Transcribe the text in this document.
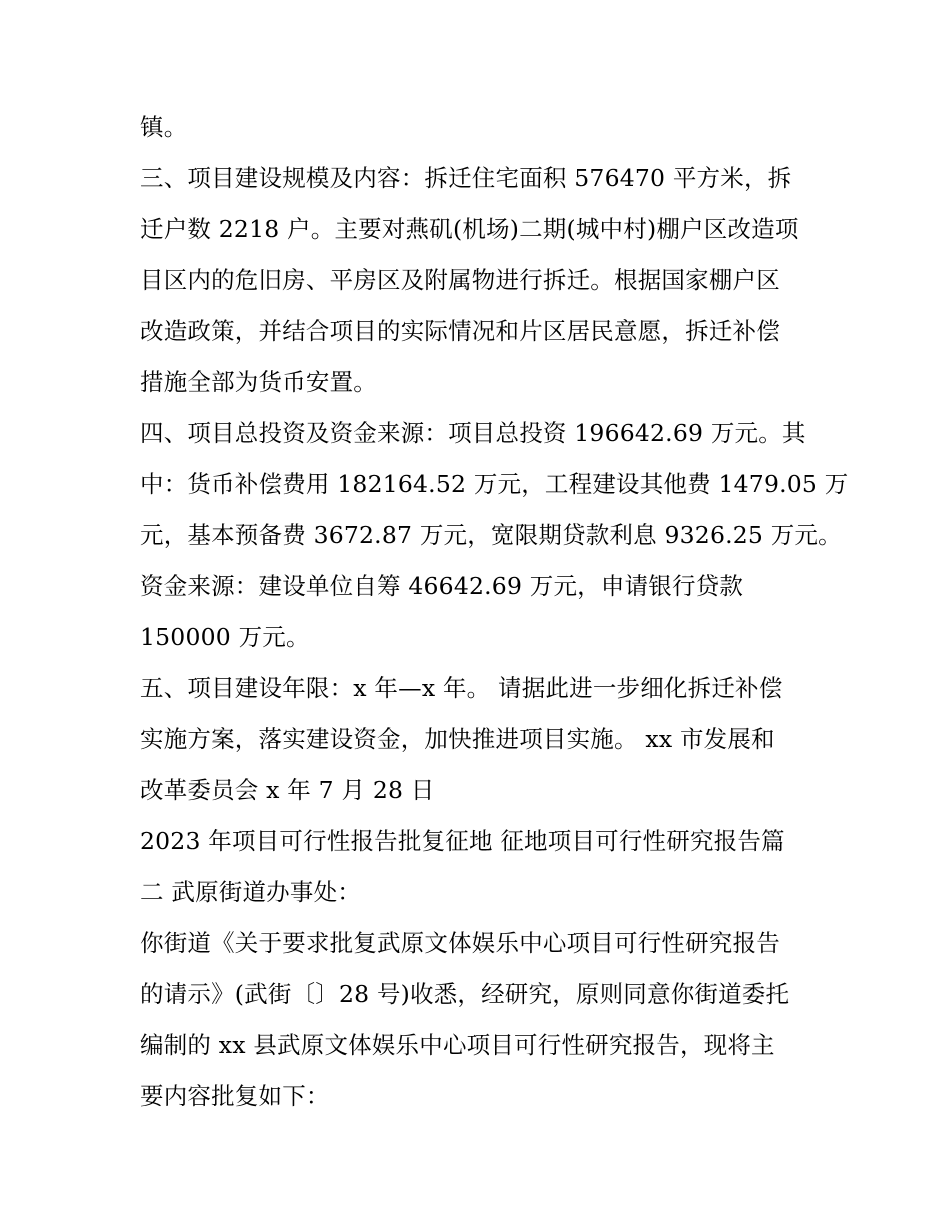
镇。
三、项目建设规模及内容：拆迁住宅面积 576470 平方米，拆
迁户数 2218 户。主要对燕矶(机场)二期(城中村)棚户区改造项
目区内的危旧房、平房区及附属物进行拆迁。根据国家棚户区
改造政策，并结合项目的实际情况和片区居民意愿，拆迁补偿
措施全部为货币安置。
四、项目总投资及资金来源：项目总投资 196642.69 万元。其
中：货币补偿费用 182164.52 万元，工程建设其他费 1479.05 万
元，基本预备费 3672.87 万元，宽限期贷款利息 9326.25 万元。
资金来源：建设单位自筹 46642.69 万元，申请银行贷款
150000 万元。
五、项目建设年限：x 年—x 年。 请据此进一步细化拆迁补偿
实施方案，落实建设资金，加快推进项目实施。 xx 市发展和
改革委员会 x 年 7 月 28 日
2023 年项目可行性报告批复征地 征地项目可行性研究报告篇
二 武原街道办事处：
你街道《关于要求批复武原文体娱乐中心项目可行性研究报告
的请示》(武街〔〕28 号)收悉，经研究，原则同意你街道委托
编制的 xx 县武原文体娱乐中心项目可行性研究报告，现将主
要内容批复如下：
